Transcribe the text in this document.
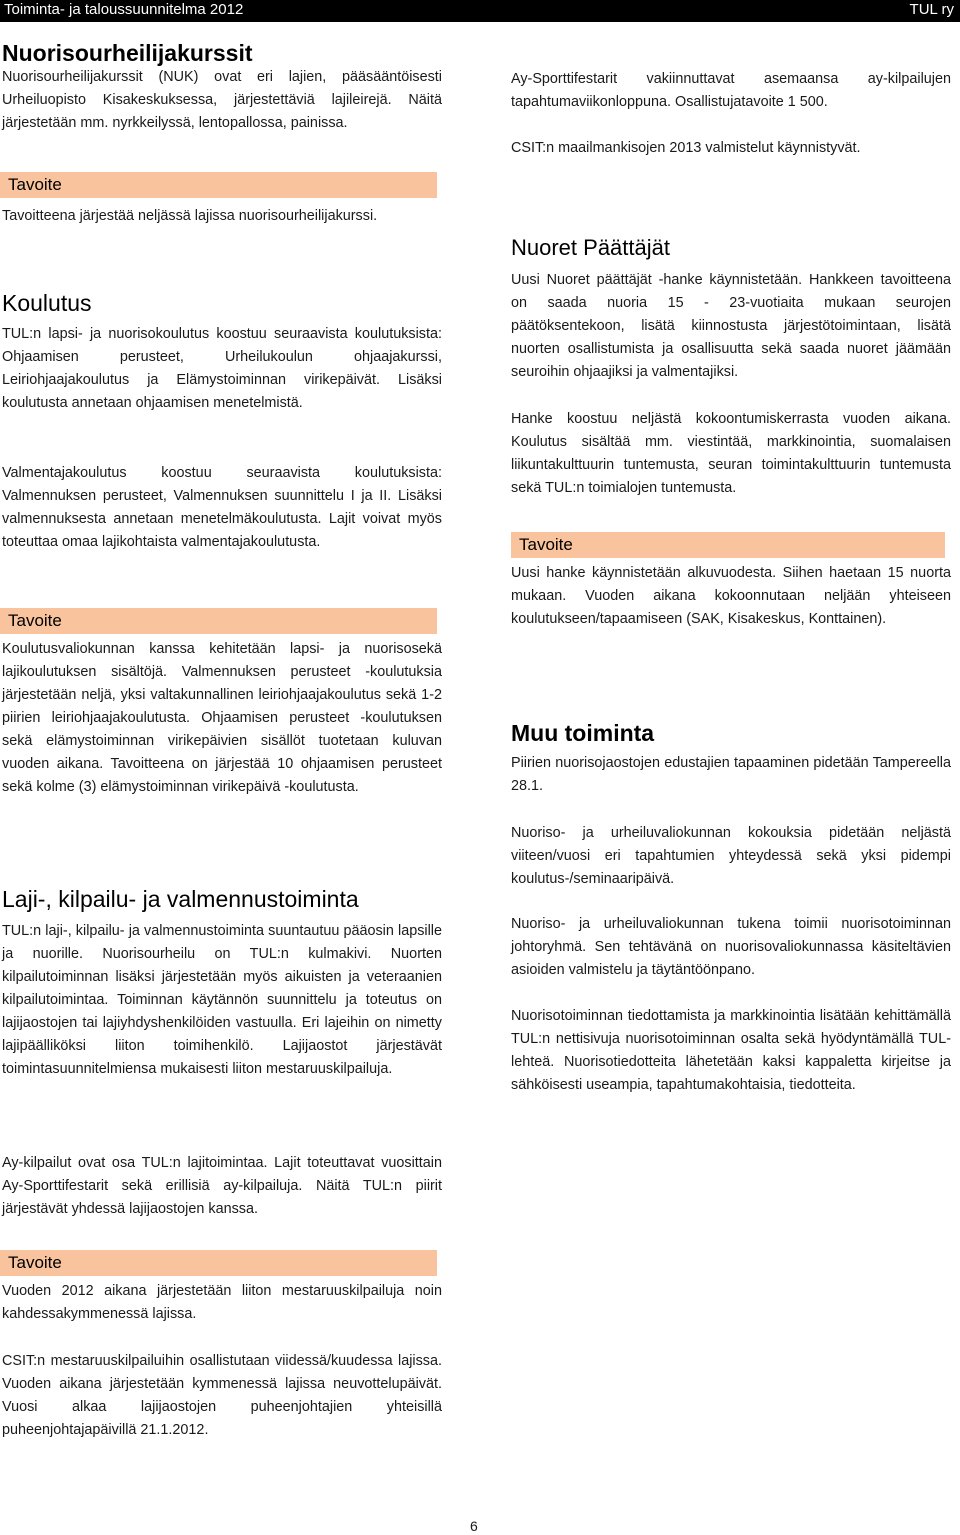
Toiminta- ja taloussuunnitelma 2012	TUL ry
Nuorisourheilijakurssit

Nuorisourheilijakurssit (NUK) ovat eri lajien, pääsääntöisesti Urheiluopisto Kisakeskuksessa, järjestettäviä lajileirejä. Näitä järjestetään mm. nyrkkeilyssä, lentopallossa, painissa.

Tavoite

Tavoitteena järjestää neljässä lajissa nuorisourheilijakurssi.

Koulutus

TUL:n lapsi- ja nuorisokoulutus koostuu seuraavista koulutuksista: Ohjaamisen perusteet, Urheilukoulun ohjaajakurssi, Leiriohjaajakoulutus ja Elämystoiminnan virikepäivät. Lisäksi koulutusta annetaan ohjaamisen menetelmistä.

Valmentajakoulutus koostuu seuraavista koulutuksista: Valmennuksen perusteet, Valmennuksen suunnittelu I ja II. Lisäksi valmennuksesta annetaan menetelmäkoulutusta. Lajit voivat myös toteuttaa omaa lajikohtaista valmentajakoulutusta.

Tavoite

Koulutusvaliokunnan kanssa kehitetään lapsi- ja nuorisosekä lajikoulutuksen sisältöjä. Valmennuksen perusteet -koulutuksia järjestetään neljä, yksi valtakunnallinen leiriohjaajakoulutus sekä 1-2 piirien leiriohjaajakoulutusta. Ohjaamisen perusteet -koulutuksen sekä elämystoiminnan virikepäivien sisällöt tuotetaan kuluvan vuoden aikana. Tavoitteena on järjestää 10 ohjaamisen perusteet sekä kolme (3) elämystoiminnan virikepäivä -koulutusta.

Laji-, kilpailu- ja valmennustoiminta

TUL:n laji-, kilpailu- ja valmennustoiminta suuntautuu pääosin lapsille ja nuorille. Nuorisourheilu on TUL:n kulmakivi. Nuorten kilpailutoiminnan lisäksi järjestetään myös aikuisten ja veteraanien kilpailutoimintaa. Toiminnan käytännön suunnittelu ja toteutus on lajijaostojen tai lajiyhdyshenkilöiden vastuulla. Eri lajeihin on nimetty lajipäälliköksi liiton toimihenkilö. Lajijaostot järjestävät toimintasuunnitelmiensa mukaisesti liiton mestaruuskilpailuja.

Ay-kilpailut ovat osa TUL:n lajitoimintaa. Lajit toteuttavat vuosittain Ay-Sporttifestarit sekä erillisiä ay-kilpailuja. Näitä TUL:n piirit järjestävät yhdessä lajijaostojen kanssa.

Tavoite

Vuoden 2012 aikana järjestetään liiton mestaruuskilpailuja noin kahdessakymmenessä lajissa.

CSIT:n mestaruuskilpailuihin osallistutaan viidessä/kuudessa lajissa. Vuoden aikana järjestetään kymmenessä lajissa neuvottelupäivät. Vuosi alkaa lajijaostojen puheenjohtajien yhteisillä puheenjohtajapäivillä 21.1.2012.

Ay-Sporttifestarit vakiinnuttavat asemaansa ay-kilpailujen tapahtumaviikonloppuna. Osallistujatavoite 1 500.

CSIT:n maailmankisojen 2013 valmistelut käynnistyvät.

Nuoret Päättäjät

Uusi Nuoret päättäjät -hanke käynnistetään. Hankkeen tavoitteena on saada nuoria 15 - 23-vuotiaita mukaan seurojen päätöksentekoon, lisätä kiinnostusta järjestötoimintaan, lisätä nuorten osallistumista ja osallisuutta sekä saada nuoret jäämään seuroihin ohjaajiksi ja valmentajiksi.

Hanke koostuu neljästä kokoontumiskerrasta vuoden aikana. Koulutus sisältää mm. viestintää, markkinointia, suomalaisen liikuntakulttuurin tuntemusta, seuran toimintakulttuurin tuntemusta sekä TUL:n toimialojen tuntemusta.

Tavoite

Uusi hanke käynnistetään alkuvuodesta. Siihen haetaan 15 nuorta mukaan. Vuoden aikana kokoonnutaan neljään yhteiseen koulutukseen/tapaamiseen (SAK, Kisakeskus, Konttainen).

Muu toiminta

Piirien nuorisojaostojen edustajien tapaaminen pidetään Tampereella 28.1.

Nuoriso- ja urheiluvaliokunnan kokouksia pidetään neljästä viiteen/vuosi eri tapahtumien yhteydessä sekä yksi pidempi koulutus-/seminaaripäivä.

Nuoriso- ja urheiluvaliokunnan tukena toimii nuorisotoiminnan johtoryhmä. Sen tehtävänä on nuorisovaliokunnassa käsiteltävien asioiden valmistelu ja täytäntöönpano.

Nuorisotoiminnan tiedottamista ja markkinointia lisätään kehittämällä TUL:n nettisivuja nuorisotoiminnan osalta sekä hyödyntämällä TUL-lehteä. Nuorisotiedotteita lähetetään kaksi kappaletta kirjeitse ja sähköisesti useampia, tapahtumakohtaisia, tiedotteita.

6
